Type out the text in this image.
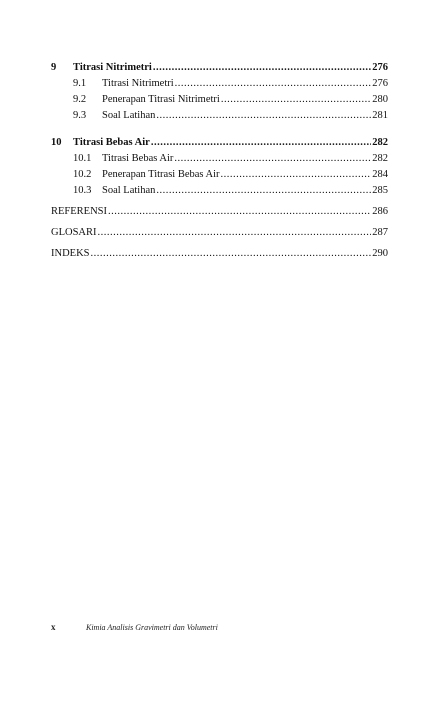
9	Titrasi Nitrimetri .....	276
9.1	Titrasi Nitrimetri .....	276
9.2	Penerapan Titrasi Nitrimetri .....	280
9.3	Soal Latihan .....	281
10	Titrasi Bebas Air .....	282
10.1	Titrasi Bebas Air .....	282
10.2	Penerapan Titrasi Bebas Air .....	284
10.3	Soal Latihan .....	285
REFERENSI .....	286
GLOSARI .....	287
INDEKS .....	290
x	Kimia Analisis Gravimetri dan Volumetri
